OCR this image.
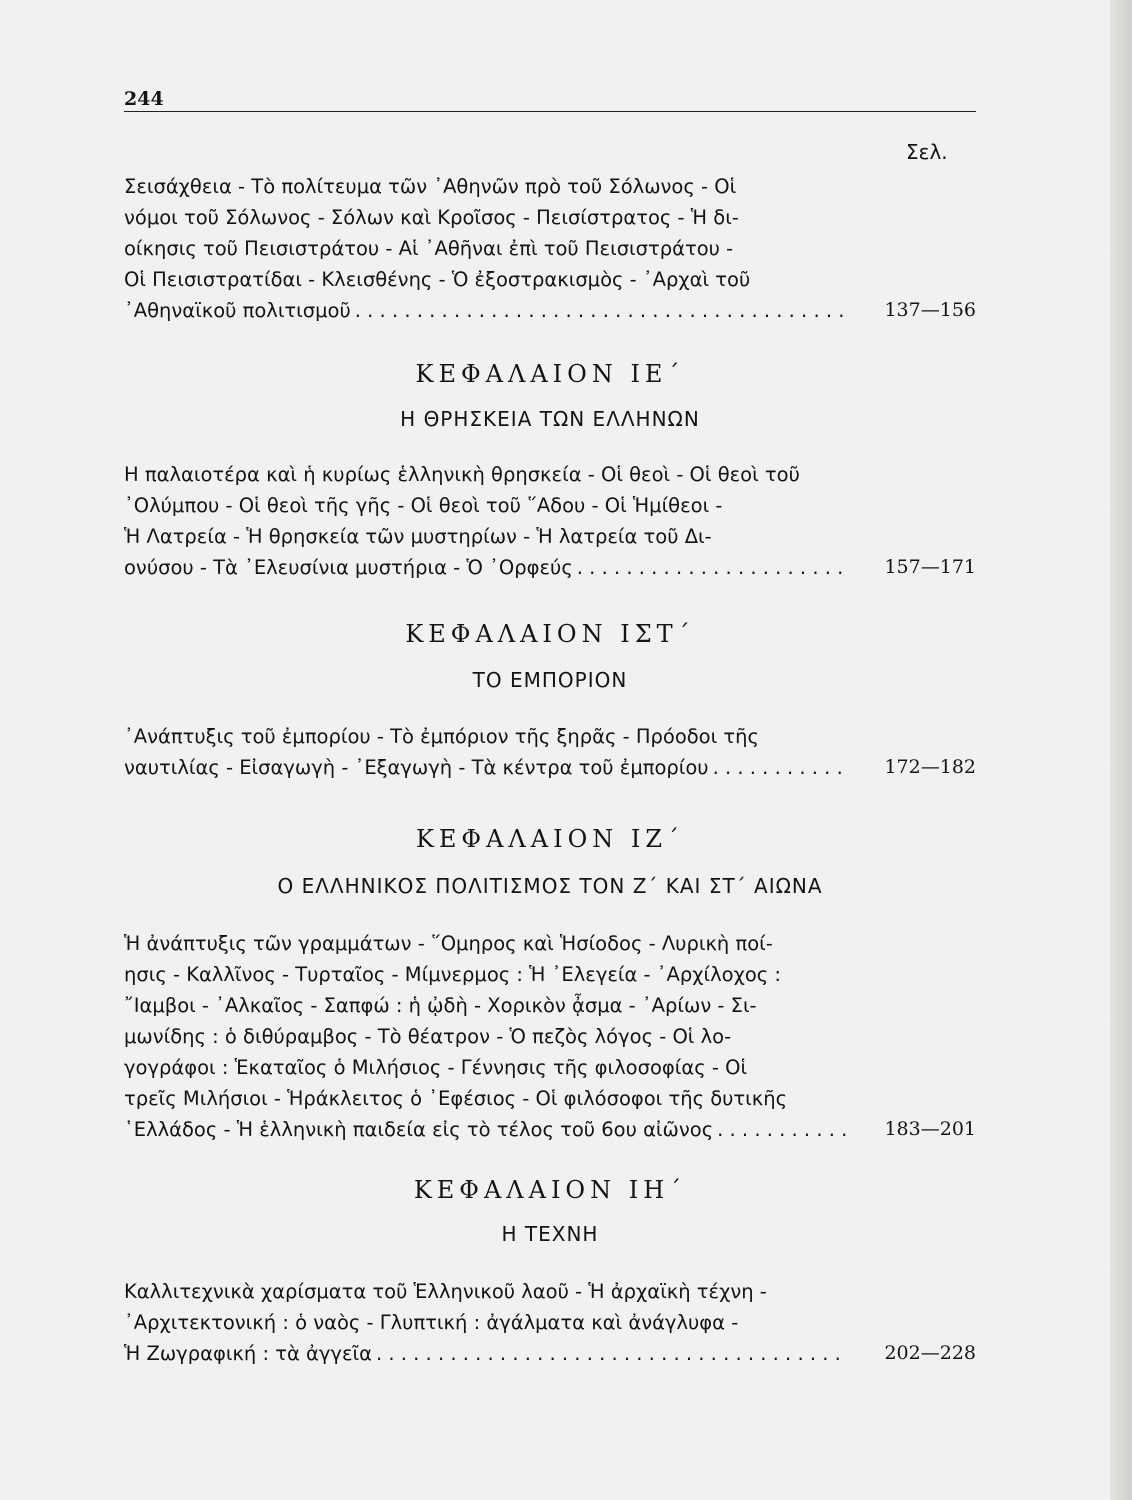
244
Σελ.
Σεισάχθεια - Τὸ πολίτευμα τῶν ᾿Αθηνῶν πρὸ τοῦ Σόλωνος - Οἱ
νόμοι τοῦ Σόλωνος - Σόλων καὶ Κροῖσος - Πεισίστρατος - Ἡ δι-
οίκησις τοῦ Πεισιστράτου - Αἱ ᾿Αθῆναι ἐπὶ τοῦ Πεισιστράτου -
Οἱ Πεισιστρατίδαι - Κλεισθένης - Ὁ ἐξοστρακισμὸς - ᾿Αρχαὶ τοῦ
᾿Αθηναϊκοῦ πολιτισμοῦ . . .	137—156
ΚΕΦΑΛΑΙΟΝ ΙΕ΄
Η ΘΡΗΣΚΕΙΑ ΤΩΝ ΕΛΛΗΝΩΝ
Η παλαιοτέρα καὶ ἡ κυρίως ἑλληνικὴ θρησκεία - Οἱ θεοὶ - Οἱ θεοὶ τοῦ
᾿Ολύμπου - Οἱ θεοὶ τῆς γῆς - Οἱ θεοὶ τοῦ ῞Αδου - Οἱ Ἡμίθεοι -
Ἡ Λατρεία - Ἡ θρησκεία τῶν μυστηρίων - Ἡ λατρεία τοῦ Δι-
ονύσου - Τὰ ᾿Ελευσίνια μυστήρια - Ὁ ᾿Ορφεύς . . .	157—171
ΚΕΦΑΛΑΙΟΝ ΙΣΤ΄
ΤΟ ΕΜΠΟΡΙΟΝ
᾿Ανάπτυξις τοῦ ἐμπορίου - Τὸ ἐμπόριον τῆς ξηρᾶς - Πρόοδοι τῆς
ναυτιλίας - Εἰσαγωγὴ - ᾿Εξαγωγὴ - Τὰ κέντρα τοῦ ἐμπορίου . . .	172—182
ΚΕΦΑΛΑΙΟΝ ΙΖ΄
Ο ΕΛΛΗΝΙΚΟΣ ΠΟΛΙΤΙΣΜΟΣ ΤΟΝ Ζ΄ ΚΑΙ ΣΤ΄ ΑΙΩΝΑ
Ἡ ἀνάπτυξις τῶν γραμμάτων - ῞Ομηρος καὶ Ἡσίοδος - Λυρικὴ ποί-
ησις - Καλλῖνος - Τυρταῖος - Μίμνερμος : Ἡ ᾿Ελεγεία - ᾿Αρχίλοχος :
῎Ιαμβοι - ᾿Αλκαῖος - Σαπφώ : ἡ ᾠδὴ - Χορικὸν ᾆσμα - ᾿Αρίων - Σι-
μωνίδης : ὁ διθύραμβος - Τὸ θέατρον - Ὁ πεζὸς λόγος - Οἱ λο-
γογράφοι : Ἑκαταῖος ὁ Μιλήσιος - Γέννησις τῆς φιλοσοφίας - Οἱ
τρεῖς Μιλήσιοι - Ἡράκλειτος ὁ ᾿Εφέσιος - Οἱ φιλόσοφοι τῆς δυτικῆς
῾Ελλάδος - Ἡ ἑλληνικὴ παιδεία εἰς τὸ τέλος τοῦ 6ου αἰῶνος . . .	183—201
ΚΕΦΑΛΑΙΟΝ ΙΗ΄
Η ΤΕΧΝΗ
Καλλιτεχνικὰ χαρίσματα τοῦ Ἑλληνικοῦ λαοῦ - Ἡ ἀρχαϊκὴ τέχνη -
᾿Αρχιτεκτονική : ὁ ναὸς - Γλυπτική : ἀγάλματα καὶ ἀνάγλυφα -
Ἡ Ζωγραφική : τὰ ἀγγεῖα . . .	202—228
